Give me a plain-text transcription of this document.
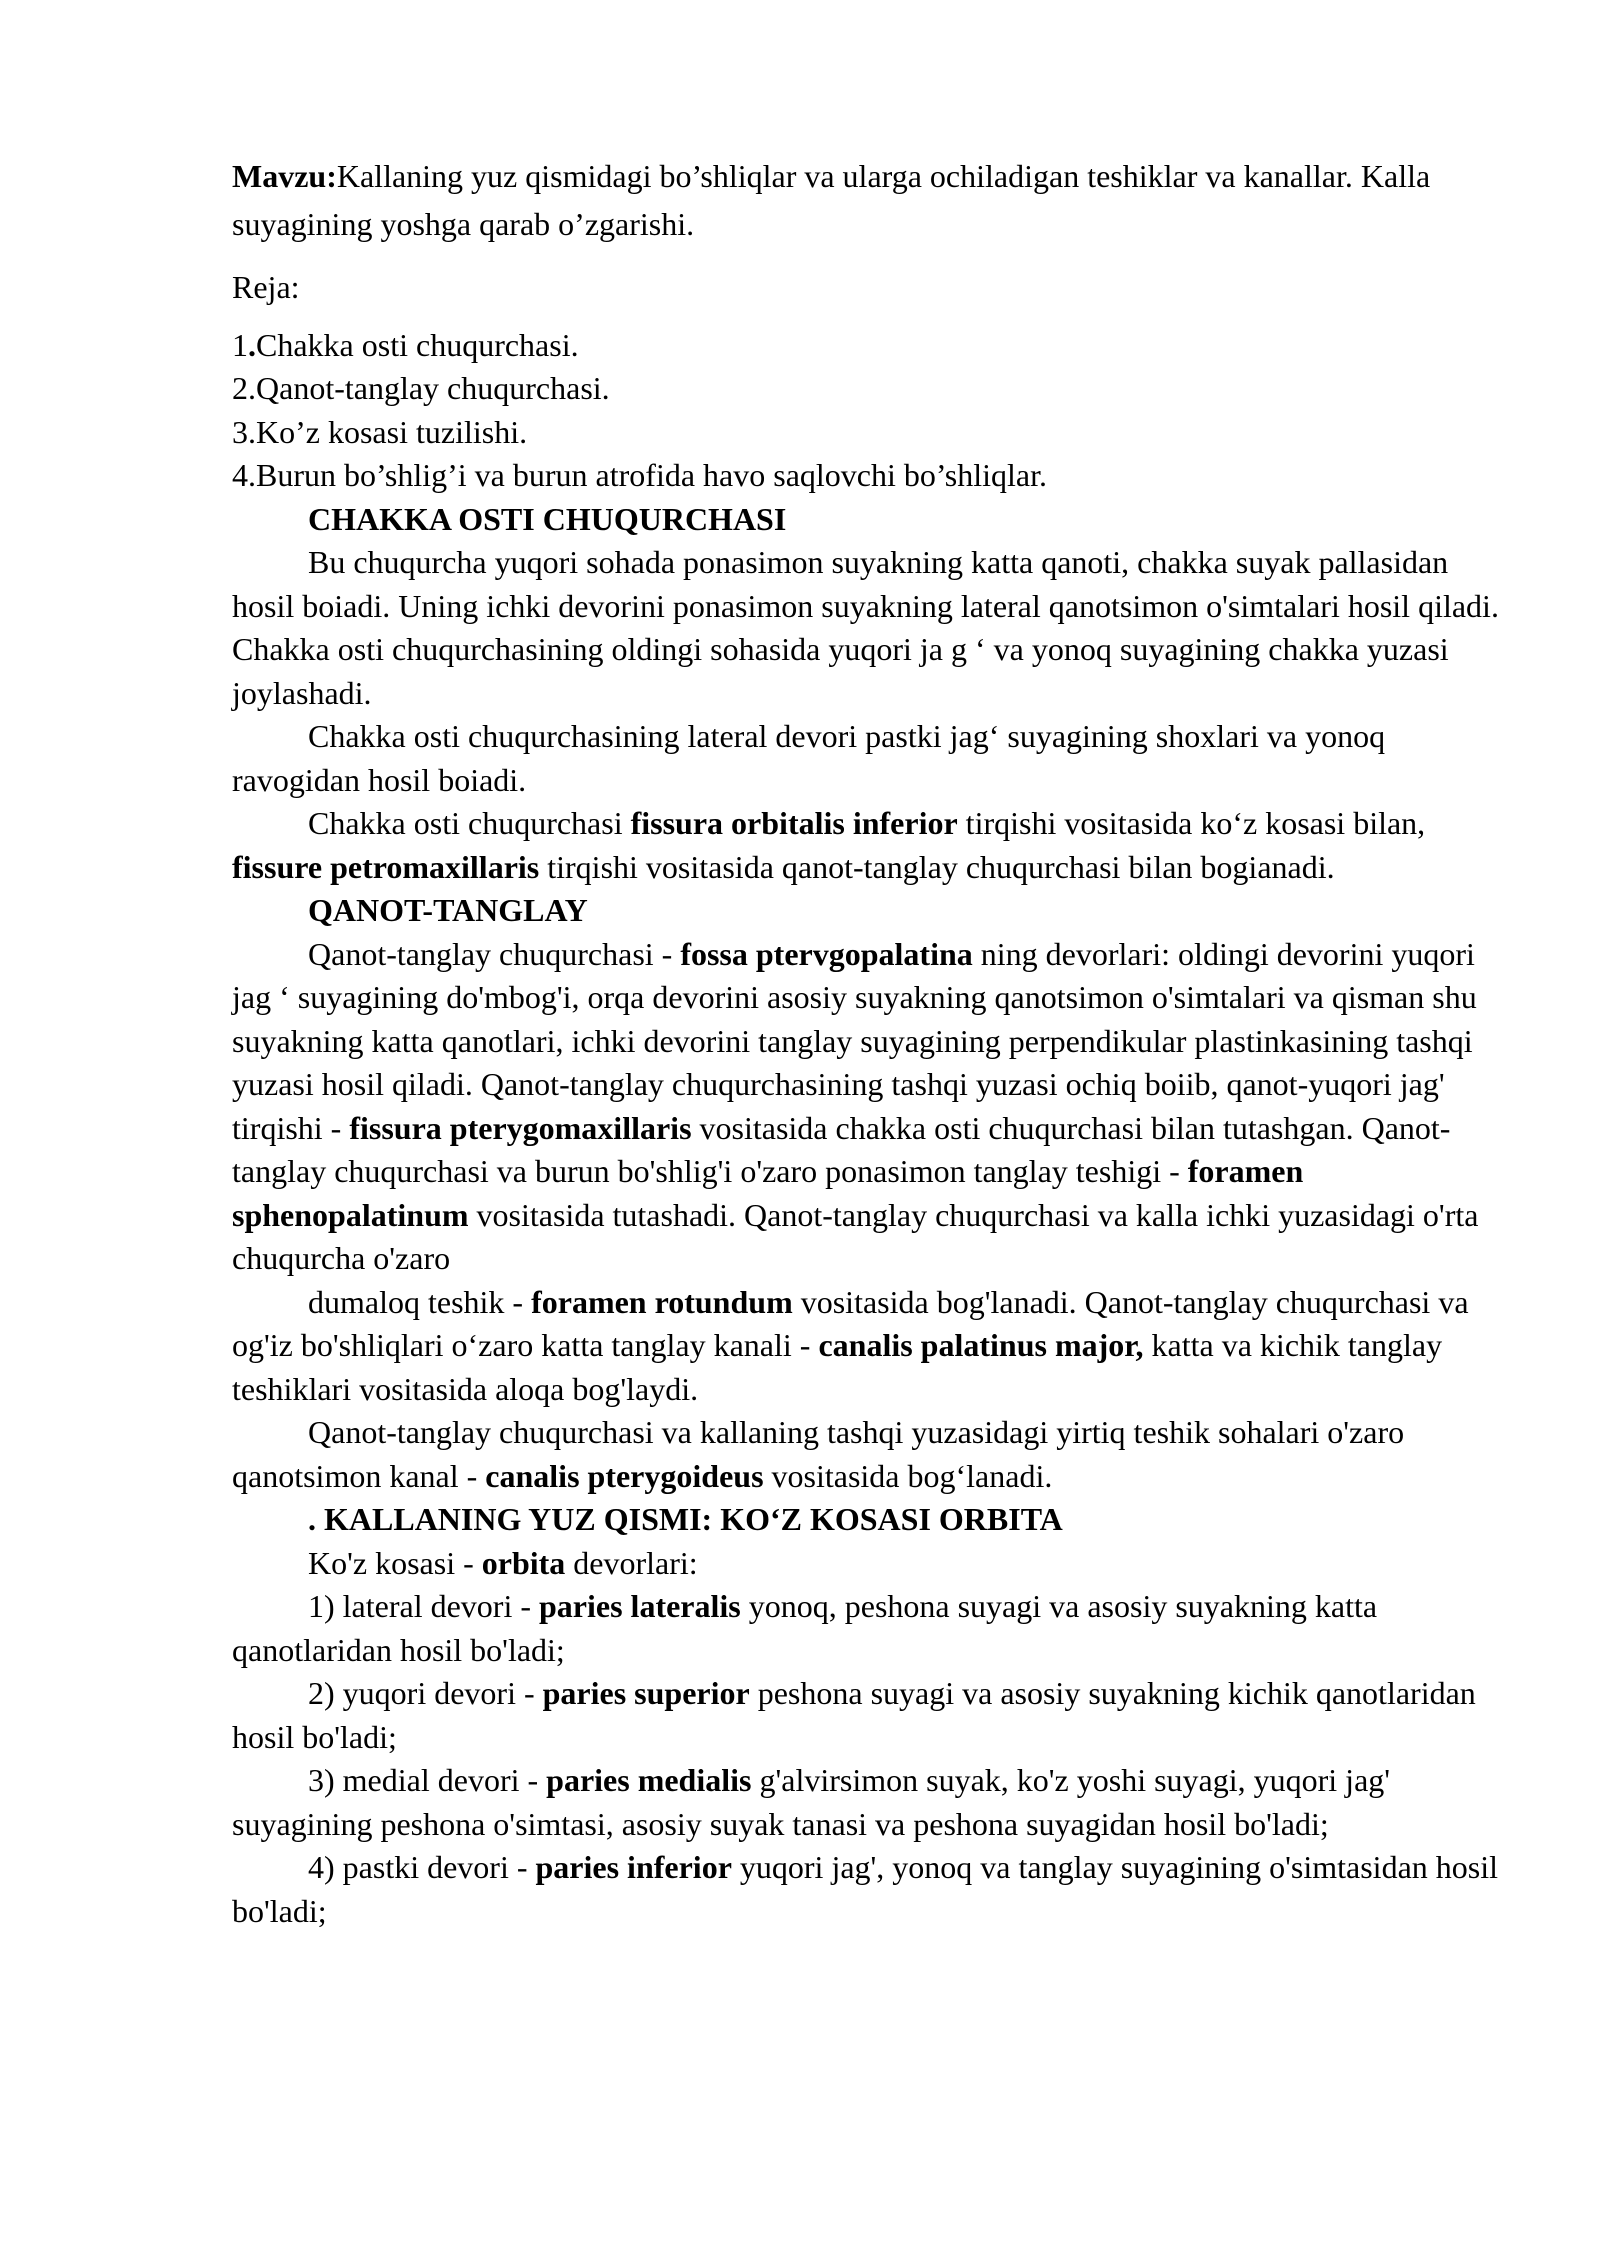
Mavzu:Kallaning yuz qismidagi bo’shliqlar va ularga ochiladigan teshiklar va kanallar. Kalla suyagining yoshga qarab o’zgarishi.

Reja:

1.Chakka osti chuqurchasi.

2.Qanot-tanglay chuqurchasi.

3.Ko’z kosasi tuzilishi.

4.Burun bo’shlig’i va burun atrofida havo saqlovchi bo’shliqlar.

CHAKKA OSTI CHUQURCHASI

Bu chuqurcha yuqori sohada ponasimon suyakning katta qanoti, chakka suyak pallasidan hosil boiadi. Uning ichki devorini ponasimon suyakning lateral qanotsimon o'simtalari hosil qiladi. Chakka osti chuqurchasining oldingi sohasida yuqori ja g ‘ va yonoq suyagining chakka yuzasi joylashadi.

Chakka osti chuqurchasining lateral devori pastki jag‘ suyagining shoxlari va yonoq ravogidan hosil boiadi.

Chakka osti chuqurchasi fissura orbitalis inferior tirqishi vositasida ko‘z kosasi bilan, fissure petromaxillaris tirqishi vositasida qanot-tanglay chuqurchasi bilan bogianadi.

QANOT-TANGLAY

Qanot-tanglay chuqurchasi - fossa ptervgopalatina ning devorlari: oldingi devorini yuqori jag ‘ suyagining do'mbog'i, orqa devorini asosiy suyakning qanotsimon o'simtalari va qisman shu suyakning katta qanotlari, ichki devorini tanglay suyagining perpendikular plastinkasining tashqi yuzasi hosil qiladi. Qanot-tanglay chuqurchasining tashqi yuzasi ochiq boiib, qanot-yuqori jag' tirqishi - fissura pterygomaxillaris vositasida chakka osti chuqurchasi bilan tutashgan. Qanot-tanglay chuqurchasi va burun bo'shlig'i o'zaro ponasimon tanglay teshigi - foramen sphenopalatinum vositasida tutashadi. Qanot-tanglay chuqurchasi va kalla ichki yuzasidagi o'rta chuqurcha o'zaro

dumaloq teshik - foramen rotundum vositasida bog'lanadi. Qanot-tanglay chuqurchasi va og'iz bo'shliqlari o‘zaro katta tanglay kanali - canalis palatinus major, katta va kichik tanglay teshiklari vositasida aloqa bog'laydi.

Qanot-tanglay chuqurchasi va kallaning tashqi yuzasidagi yirtiq teshik sohalari o'zaro qanotsimon kanal - canalis pterygoideus vositasida bog‘lanadi.

. KALLANING YUZ QISMI: KO‘Z KOSASI ORBITA

Ko'z kosasi - orbita devorlari:

1) lateral devori - paries lateralis yonoq, peshona suyagi va asosiy suyakning katta qanotlaridan hosil bo'ladi;

2) yuqori devori - paries superior peshona suyagi va asosiy suyakning kichik qanotlaridan hosil bo'ladi;

3) medial devori - paries medialis g'alvirsimon suyak, ko'z yoshi suyagi, yuqori jag' suyagining peshona o'simtasi, asosiy suyak tanasi va peshona suyagidan hosil bo'ladi;

4) pastki devori - paries inferior yuqori jag', yonoq va tanglay suyagining o'simtasidan hosil bo'ladi;
